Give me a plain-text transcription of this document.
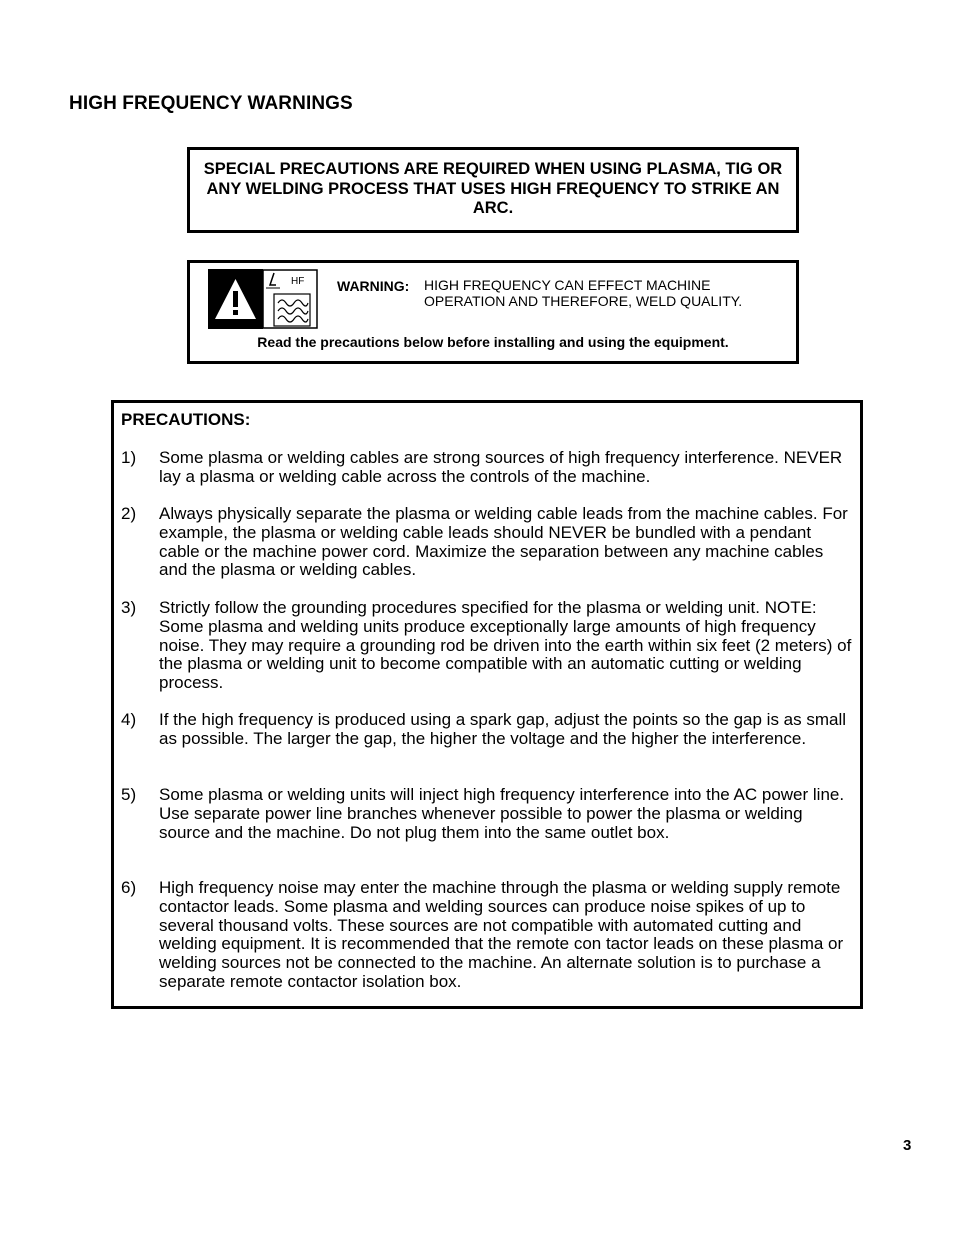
HIGH FREQUENCY WARNINGS
SPECIAL PRECAUTIONS ARE REQUIRED WHEN USING PLASMA, TIG OR ANY WELDING PROCESS THAT USES HIGH FREQUENCY TO STRIKE AN ARC.
HF WARNING: HIGH FREQUENCY CAN EFFECT MACHINE
OPERATION AND THEREFORE, WELD QUALITY.
Read the precautions below before installing and using the equipment.
PRECAUTIONS:
1) Some plasma or welding cables are strong sources of high frequency interference. NEVER lay a plasma or welding cable across the controls of the machine.
2) Always physically separate the plasma or welding cable leads from the machine cables. For example, the plasma or welding cable leads should NEVER be bundled with a pendant cable or the machine power cord. Maximize the separation between any machine cables and the plasma or welding cables.
3) Strictly follow the grounding procedures specified for the plasma or welding unit. NOTE: Some plasma and welding units produce exceptionally large amounts of high frequency noise. They may require a grounding rod be driven into the earth within six feet (2 meters) of the plasma or welding unit to become compatible with an automatic cutting or welding process.
4) If the high frequency is produced using a spark gap, adjust the points so the gap is as small as possible. The larger the gap, the higher the voltage and the higher the interference.
5) Some plasma or welding units will inject high frequency interference into the AC power line. Use separate power line branches whenever possible to power the plasma or welding source and the machine. Do not plug them into the same outlet box.
6) High frequency noise may enter the machine through the plasma or welding supply remote contactor leads. Some plasma and welding sources can produce noise spikes of up to several thousand volts. These sources are not compatible with automated cutting and welding equipment. It is recommended that the remote con tactor leads on these plasma or welding sources not be connected to the machine. An alternate solution is to purchase a separate remote contactor isolation box.
3
